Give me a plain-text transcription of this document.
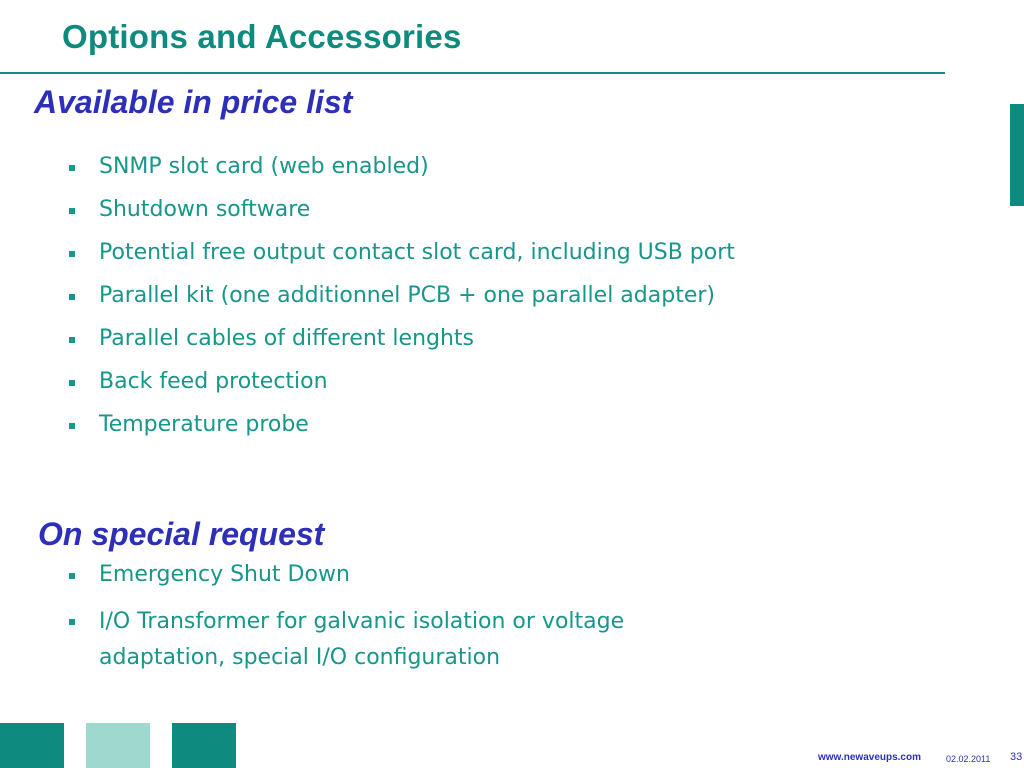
Options and Accessories
Available in price list
SNMP slot card (web enabled)
Shutdown software
Potential free output contact slot card, including USB port
Parallel kit (one additionnel PCB + one parallel adapter)
Parallel cables of different lenghts
Back feed protection
Temperature probe
On special request
Emergency Shut Down
I/O Transformer for galvanic isolation or voltage adaptation, special I/O configuration
www.newaveups.com	02.02.2011 33
